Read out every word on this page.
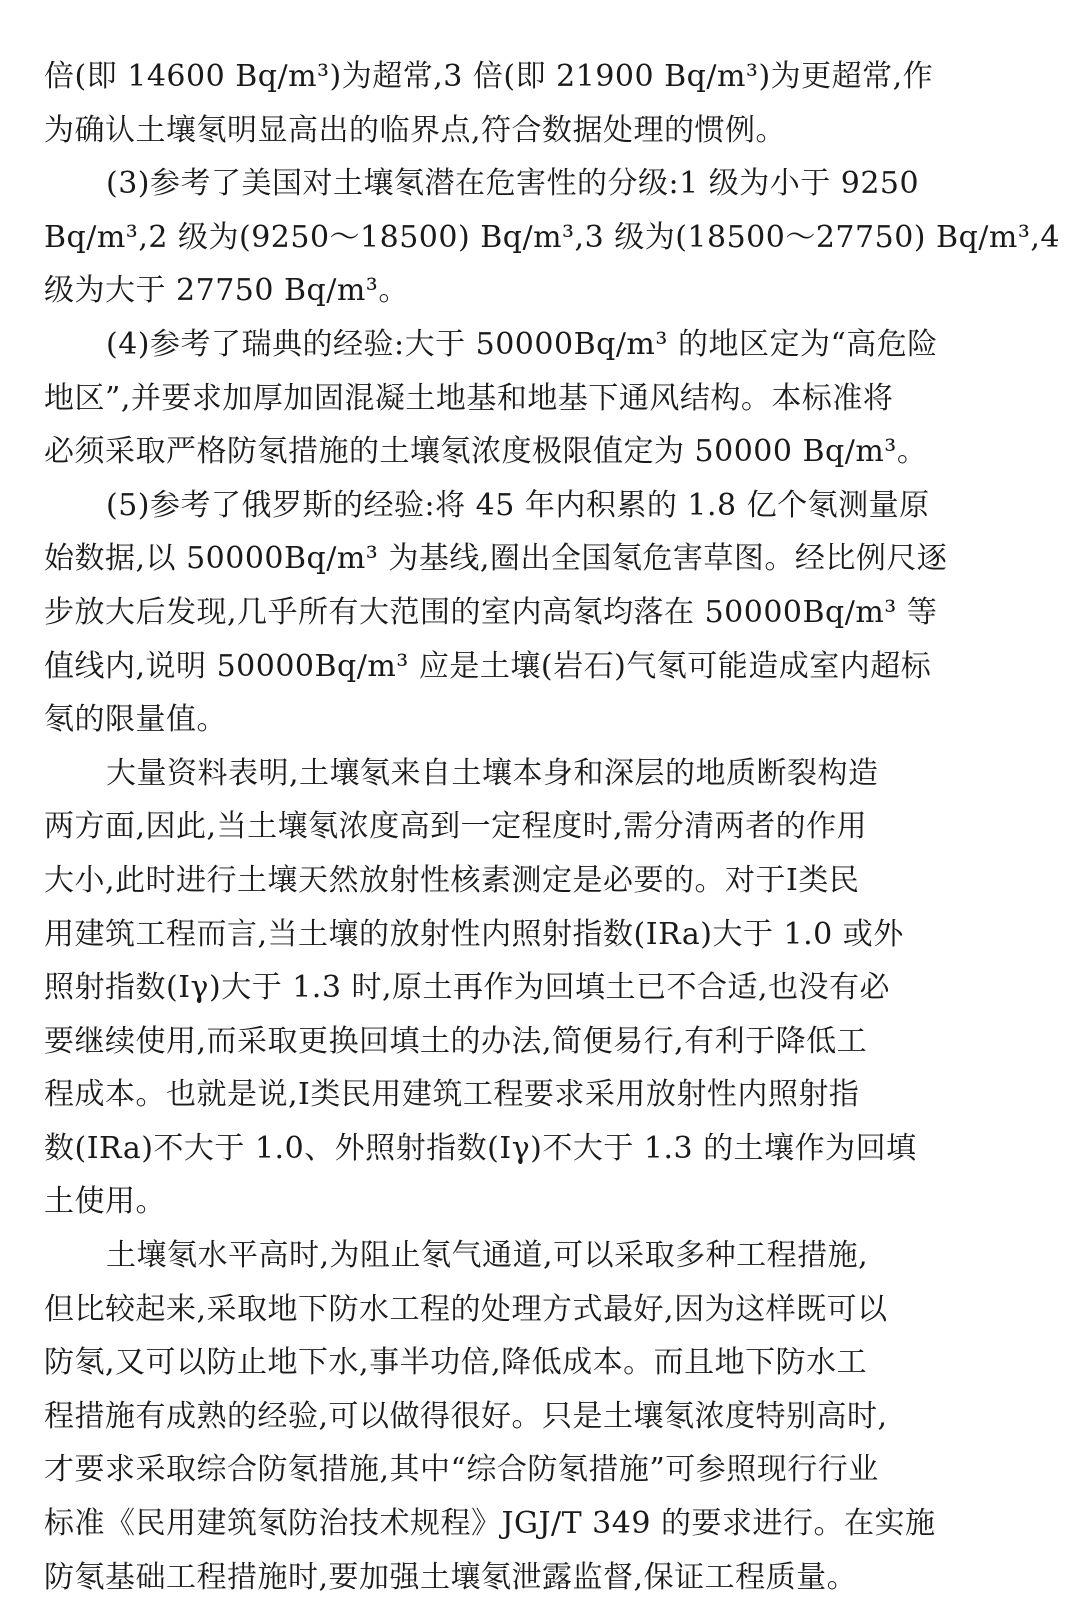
倍(即 14600 Bq/m³)为超常,3 倍(即 21900 Bq/m³)为更超常,作
为确认土壤氡明显高出的临界点,符合数据处理的惯例。
(3)参考了美国对土壤氡潜在危害性的分级:1 级为小于 9250
Bq/m³,2 级为(9250～18500) Bq/m³,3 级为(18500～27750) Bq/m³,4
级为大于 27750 Bq/m³。
(4)参考了瑞典的经验:大于 50000Bq/m³ 的地区定为“高危险
地区”,并要求加厚加固混凝土地基和地基下通风结构。本标准将
必须采取严格防氡措施的土壤氡浓度极限值定为 50000 Bq/m³。
(5)参考了俄罗斯的经验:将 45 年内积累的 1.8 亿个氡测量原
始数据,以 50000Bq/m³ 为基线,圈出全国氡危害草图。经比例尺逐
步放大后发现,几乎所有大范围的室内高氡均落在 50000Bq/m³ 等
值线内,说明 50000Bq/m³ 应是土壤(岩石)气氡可能造成室内超标
氡的限量值。
大量资料表明,土壤氡来自土壤本身和深层的地质断裂构造
两方面,因此,当土壤氡浓度高到一定程度时,需分清两者的作用
大小,此时进行土壤天然放射性核素测定是必要的。对于Ⅰ类民
用建筑工程而言,当土壤的放射性内照射指数(IRa)大于 1.0 或外
照射指数(Iγ)大于 1.3 时,原土再作为回填土已不合适,也没有必
要继续使用,而采取更换回填土的办法,简便易行,有利于降低工
程成本。也就是说,Ⅰ类民用建筑工程要求采用放射性内照射指
数(IRa)不大于 1.0、外照射指数(Iγ)不大于 1.3 的土壤作为回填
土使用。
土壤氡水平高时,为阻止氡气通道,可以采取多种工程措施,
但比较起来,采取地下防水工程的处理方式最好,因为这样既可以
防氡,又可以防止地下水,事半功倍,降低成本。而且地下防水工
程措施有成熟的经验,可以做得很好。只是土壤氡浓度特别高时,
才要求采取综合防氡措施,其中“综合防氡措施”可参照现行行业
标准《民用建筑氡防治技术规程》JGJ/T 349 的要求进行。在实施
防氡基础工程措施时,要加强土壤氡泄露监督,保证工程质量。
